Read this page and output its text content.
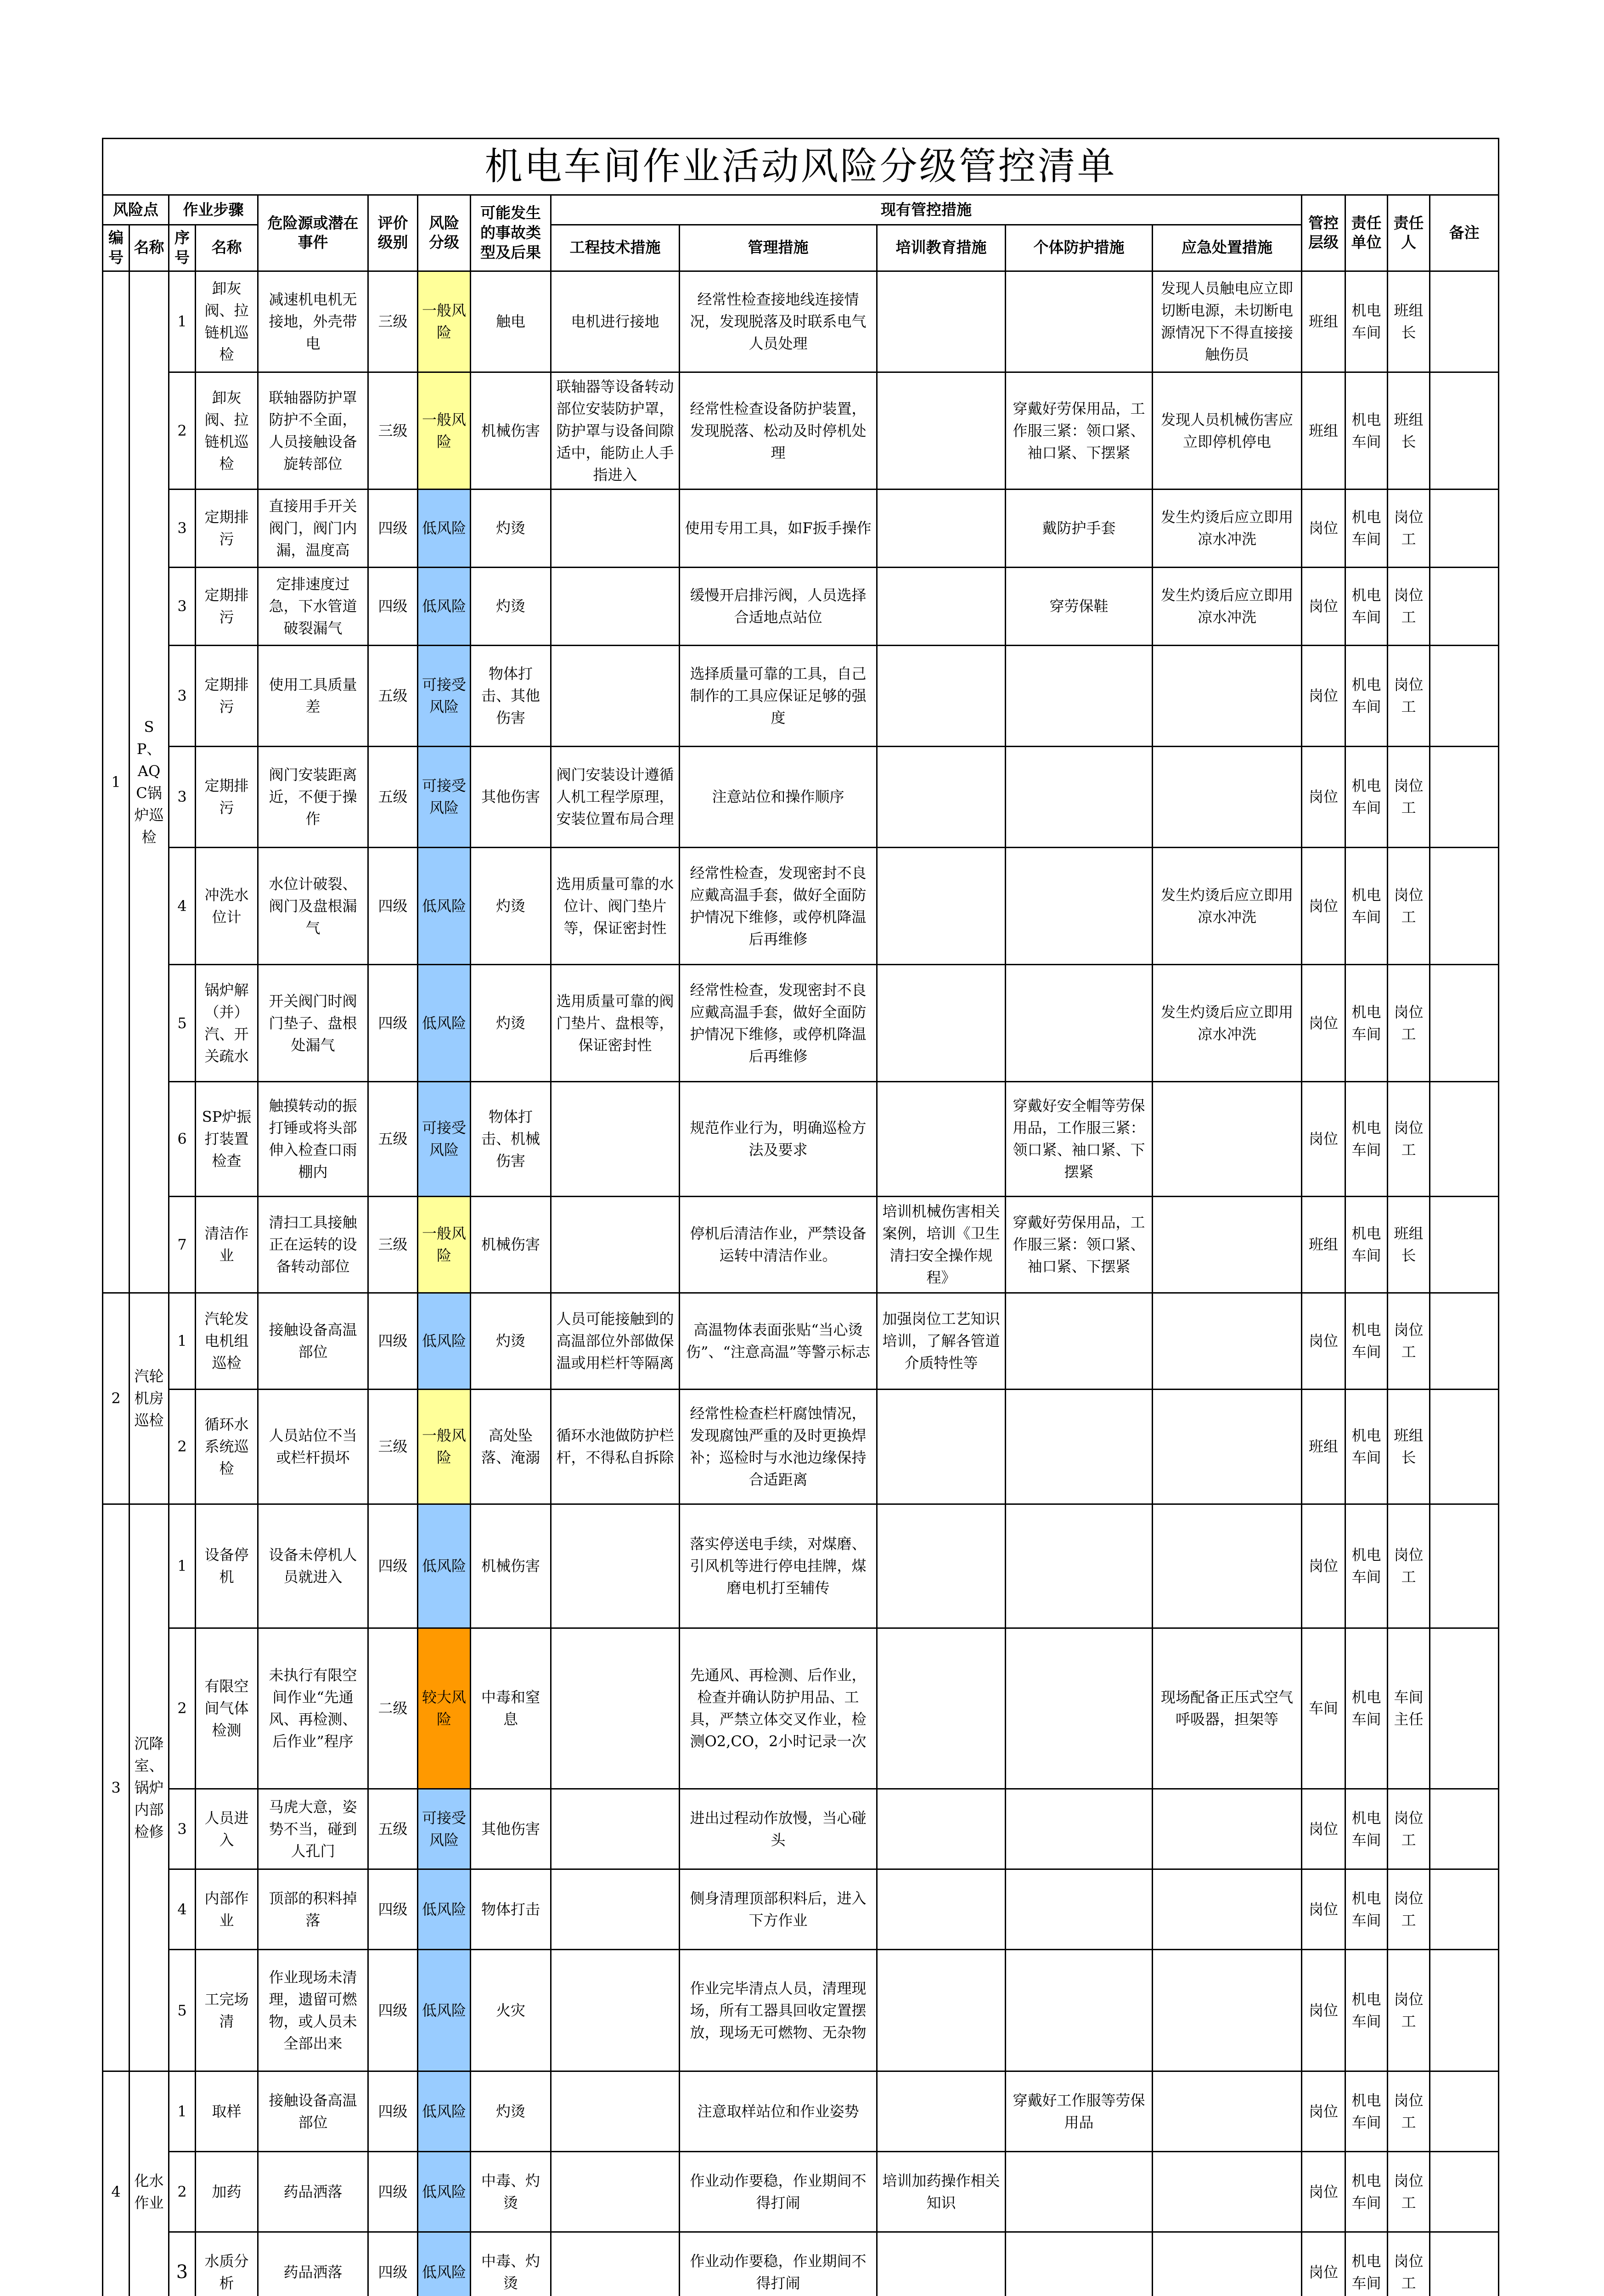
机电车间作业活动风险分级管控清单																
风险点		作业步骤		危险源或潜在事件	评价级别	风险分级	可能发生的事故类型及后果	现有管控措施					管控层级	责任单位	责任人	备注
编号	名称	序号	名称					工程技术措施	管理措施	培训教育措施	个体防护措施	应急处置措施				
1	SP、AQC锅炉巡检	1	卸灰阀、拉链机巡检	减速机电机无接地，外壳带电	三级	一般风险	触电	电机进行接地	经常性检查接地线连接情况，发现脱落及时联系电气人员处理			发现人员触电应立即切断电源，未切断电源情况下不得直接接触伤员	班组	机电车间	班组长	
		2	卸灰阀、拉链机巡检	联轴器防护罩防护不全面，人员接触设备旋转部位	三级	一般风险	机械伤害	联轴器等设备转动部位安装防护罩，防护罩与设备间隙适中，能防止人手指进入	经常性检查设备防护装置，发现脱落、松动及时停机处理		穿戴好劳保用品，工作服三紧：领口紧、袖口紧、下摆紧	发现人员机械伤害应立即停机停电	班组	机电车间	班组长	
		3	定期排污	直接用手开关阀门，阀门内漏，温度高	四级	低风险	灼烫		使用专用工具，如F扳手操作		戴防护手套	发生灼烫后应立即用凉水冲洗	岗位	机电车间	岗位工	
		3	定期排污	定排速度过急，下水管道破裂漏气	四级	低风险	灼烫		缓慢开启排污阀，人员选择合适地点站位		穿劳保鞋	发生灼烫后应立即用凉水冲洗	岗位	机电车间	岗位工	
		3	定期排污	使用工具质量差	五级	可接受风险	物体打击、其他伤害		选择质量可靠的工具，自己制作的工具应保证足够的强度				岗位	机电车间	岗位工	
		3	定期排污	阀门安装距离近，不便于操作	五级	可接受风险	其他伤害	阀门安装设计遵循人机工程学原理，安装位置布局合理	注意站位和操作顺序				岗位	机电车间	岗位工	
		4	冲洗水位计	水位计破裂、阀门及盘根漏气	四级	低风险	灼烫	选用质量可靠的水位计、阀门垫片等，保证密封性	经常性检查，发现密封不良应戴高温手套，做好全面防护情况下维修，或停机降温后再维修			发生灼烫后应立即用凉水冲洗	岗位	机电车间	岗位工	
		5	锅炉解（并）汽、开关疏水	开关阀门时阀门垫子、盘根处漏气	四级	低风险	灼烫	选用质量可靠的阀门垫片、盘根等，保证密封性	经常性检查，发现密封不良应戴高温手套，做好全面防护情况下维修，或停机降温后再维修			发生灼烫后应立即用凉水冲洗	岗位	机电车间	岗位工	
		6	SP炉振打装置检查	触摸转动的振打锤或将头部伸入检查口雨棚内	五级	可接受风险	物体打击、机械伤害		规范作业行为，明确巡检方法及要求		穿戴好安全帽等劳保用品，工作服三紧：领口紧、袖口紧、下摆紧		岗位	机电车间	岗位工	
		7	清洁作业	清扫工具接触正在运转的设备转动部位	三级	一般风险	机械伤害		停机后清洁作业，严禁设备运转中清洁作业。	培训机械伤害相关案例，培训《卫生清扫安全操作规程》	穿戴好劳保用品，工作服三紧：领口紧、袖口紧、下摆紧		班组	机电车间	班组长	
2	汽轮机房巡检	1	汽轮发电机组巡检	接触设备高温部位	四级	低风险	灼烫	人员可能接触到的高温部位外部做保温或用栏杆等隔离	高温物体表面张贴“当心烫伤”、“注意高温”等警示标志	加强岗位工艺知识培训，了解各管道介质特性等			岗位	机电车间	岗位工	
		2	循环水系统巡检	人员站位不当或栏杆损坏	三级	一般风险	高处坠落、淹溺	循环水池做防护栏杆，不得私自拆除	经常性检查栏杆腐蚀情况，发现腐蚀严重的及时更换焊补；巡检时与水池边缘保持合适距离				班组	机电车间	班组长	
3	沉降室、锅炉内部检修	1	设备停机	设备未停机人员就进入	四级	低风险	机械伤害		落实停送电手续，对煤磨、引风机等进行停电挂牌，煤磨电机打至辅传				岗位	机电车间	岗位工	
		2	有限空间气体检测	未执行有限空间作业“先通风、再检测、后作业”程序	二级	较大风险	中毒和窒息		先通风、再检测、后作业，检查并确认防护用品、工具，严禁立体交叉作业，检测O2,CO，2小时记录一次			现场配备正压式空气呼吸器，担架等	车间	机电车间	车间主任	
		3	人员进入	马虎大意，姿势不当，碰到人孔门	五级	可接受风险	其他伤害		进出过程动作放慢，当心碰头				岗位	机电车间	岗位工	
		4	内部作业	顶部的积料掉落	四级	低风险	物体打击		侧身清理顶部积料后，进入下方作业				岗位	机电车间	岗位工	
		5	工完场清	作业现场未清理，遗留可燃物，或人员未全部出来	四级	低风险	火灾		作业完毕清点人员，清理现场，所有工器具回收定置摆放，现场无可燃物、无杂物				岗位	机电车间	岗位工	
4	化水作业	1	取样	接触设备高温部位	四级	低风险	灼烫		注意取样站位和作业姿势		穿戴好工作服等劳保用品		岗位	机电车间	岗位工	
		2	加药	药品洒落	四级	低风险	中毒、灼烫		作业动作要稳，作业期间不得打闹	培训加药操作相关知识			岗位	机电车间	岗位工	
		3	水质分析	药品洒落	四级	低风险	中毒、灼烫		作业动作要稳，作业期间不得打闹				岗位	机电车间	岗位工	
